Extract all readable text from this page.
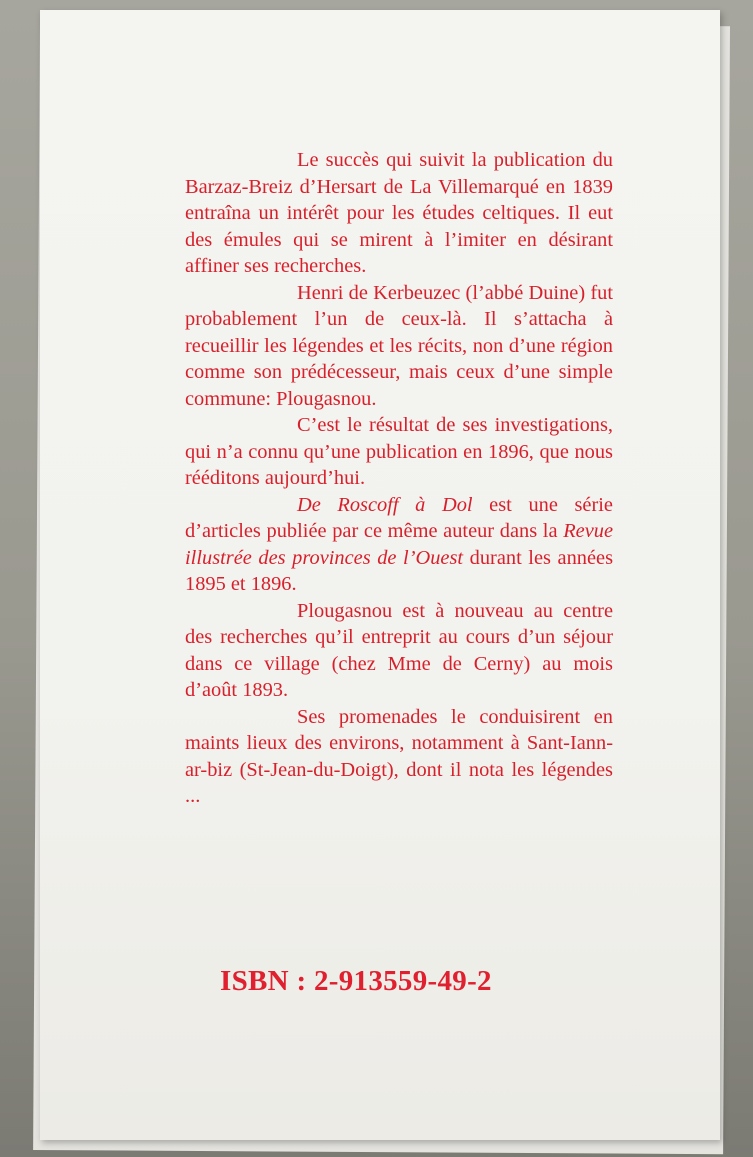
Le succès qui suivit la publication du Barzaz-Breiz d’Hersart de La Villemarqué en 1839 entraîna un intérêt pour les études celtiques. Il eut des émules qui se mirent à l’imiter en désirant affiner ses recherches.

Henri de Kerbeuzec (l’abbé Duine) fut probablement l’un de ceux-là. Il s’attacha à recueillir les légendes et les récits, non d’une région comme son prédécesseur, mais ceux d’une simple commune: Plougasnou.

C’est le résultat de ses investigations, qui n’a connu qu’une publication en 1896, que nous rééditons aujourd’hui.

De Roscoff à Dol est une série d’articles publiée par ce même auteur dans la Revue illustrée des provinces de l’Ouest durant les années 1895 et 1896.

Plougasnou est à nouveau au centre des recherches qu’il entreprit au cours d’un séjour dans ce village (chez Mme de Cerny) au mois d’août 1893.

Ses promenades le conduisirent en maints lieux des environs, notamment à Sant-Iann-ar-biz (St-Jean-du-Doigt), dont il nota les légendes ...

ISBN : 2-913559-49-2
